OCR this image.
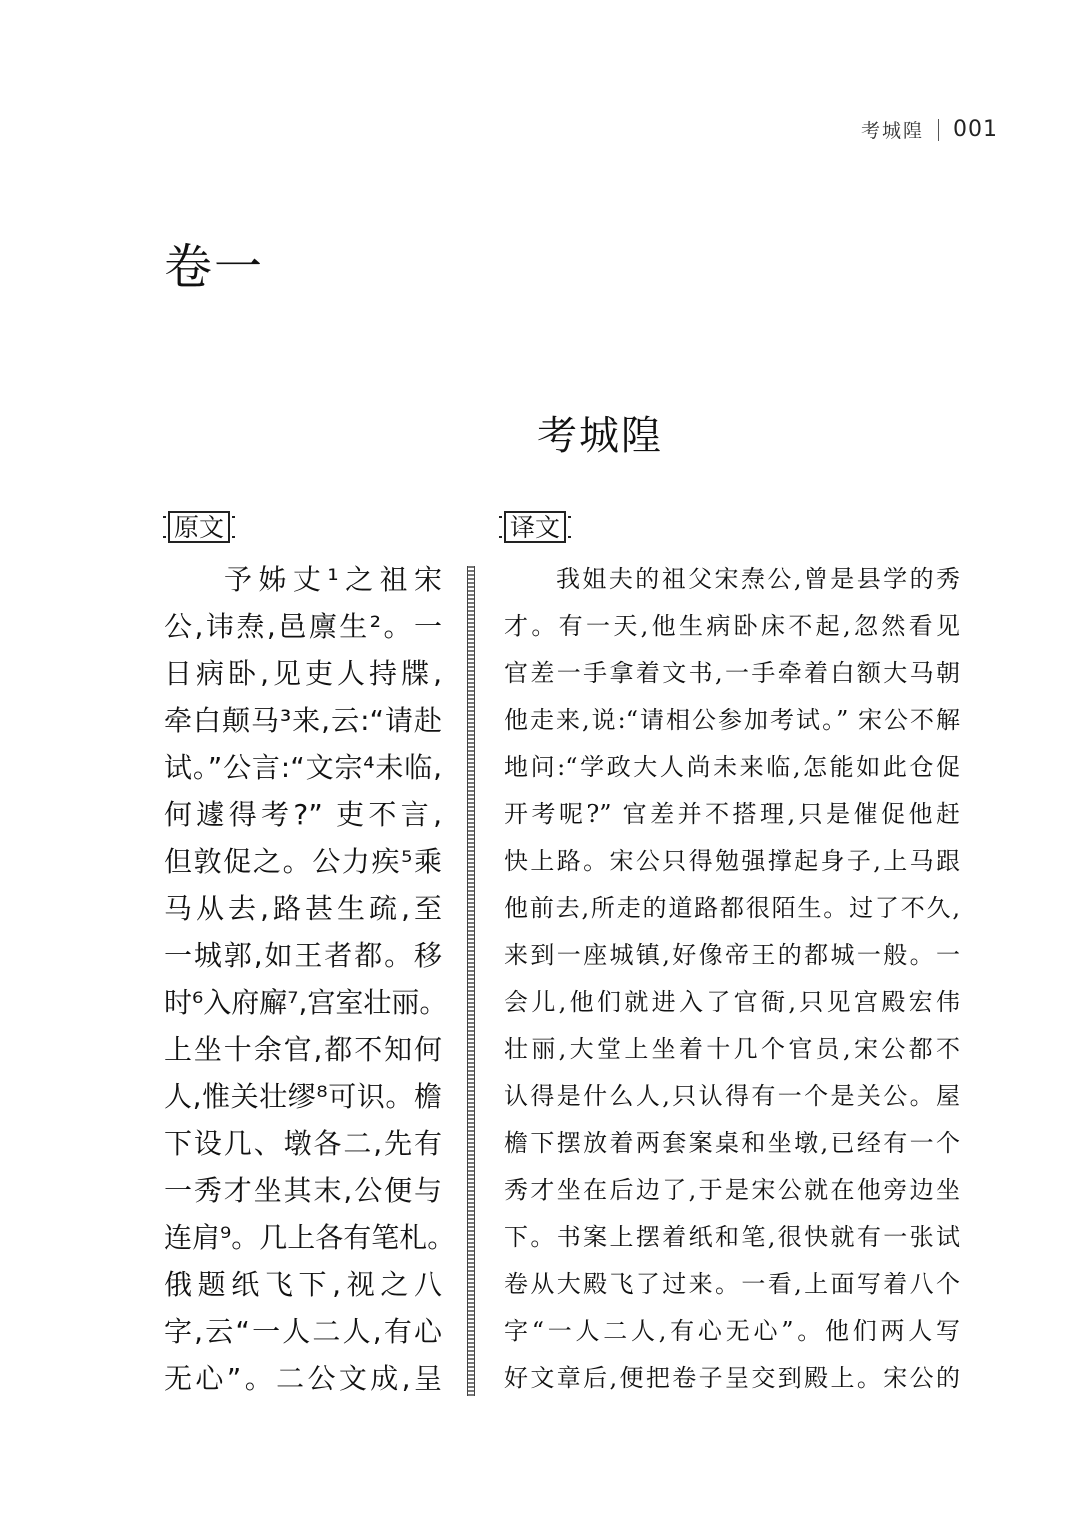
考城隍 001
卷一
考城隍
原文	译文
予姊丈¹之祖宋
公,讳焘,邑廪生²。一
日病卧,见吏人持牒,
牵白颠马³来,云:“请赴
试。”公言:“文宗⁴未临,
何遽得考?” 吏不言,
但敦促之。公力疾⁵乘
马从去,路甚生疏,至
一城郭,如王者都。移
时⁶入府廨⁷,宫室壮丽。
上坐十余官,都不知何
人,惟关壮缪⁸可识。檐
下设几、墩各二,先有
一秀才坐其末,公便与
连肩⁹。几上各有笔札。
俄题纸飞下,视之八
字,云“一人二人,有心
无心”。二公文成,呈
我姐夫的祖父宋焘公,曾是县学的秀
才。有一天,他生病卧床不起,忽然看见
官差一手拿着文书,一手牵着白额大马朝
他走来,说:“请相公参加考试。” 宋公不解
地问:“学政大人尚未来临,怎能如此仓促
开考呢?” 官差并不搭理,只是催促他赶
快上路。宋公只得勉强撑起身子,上马跟
他前去,所走的道路都很陌生。过了不久,
来到一座城镇,好像帝王的都城一般。一
会儿,他们就进入了官衙,只见宫殿宏伟
壮丽,大堂上坐着十几个官员,宋公都不
认得是什么人,只认得有一个是关公。屋
檐下摆放着两套案桌和坐墩,已经有一个
秀才坐在后边了,于是宋公就在他旁边坐
下。书案上摆着纸和笔,很快就有一张试
卷从大殿飞了过来。一看,上面写着八个
字“一人二人,有心无心”。他们两人写
好文章后,便把卷子呈交到殿上。宋公的
